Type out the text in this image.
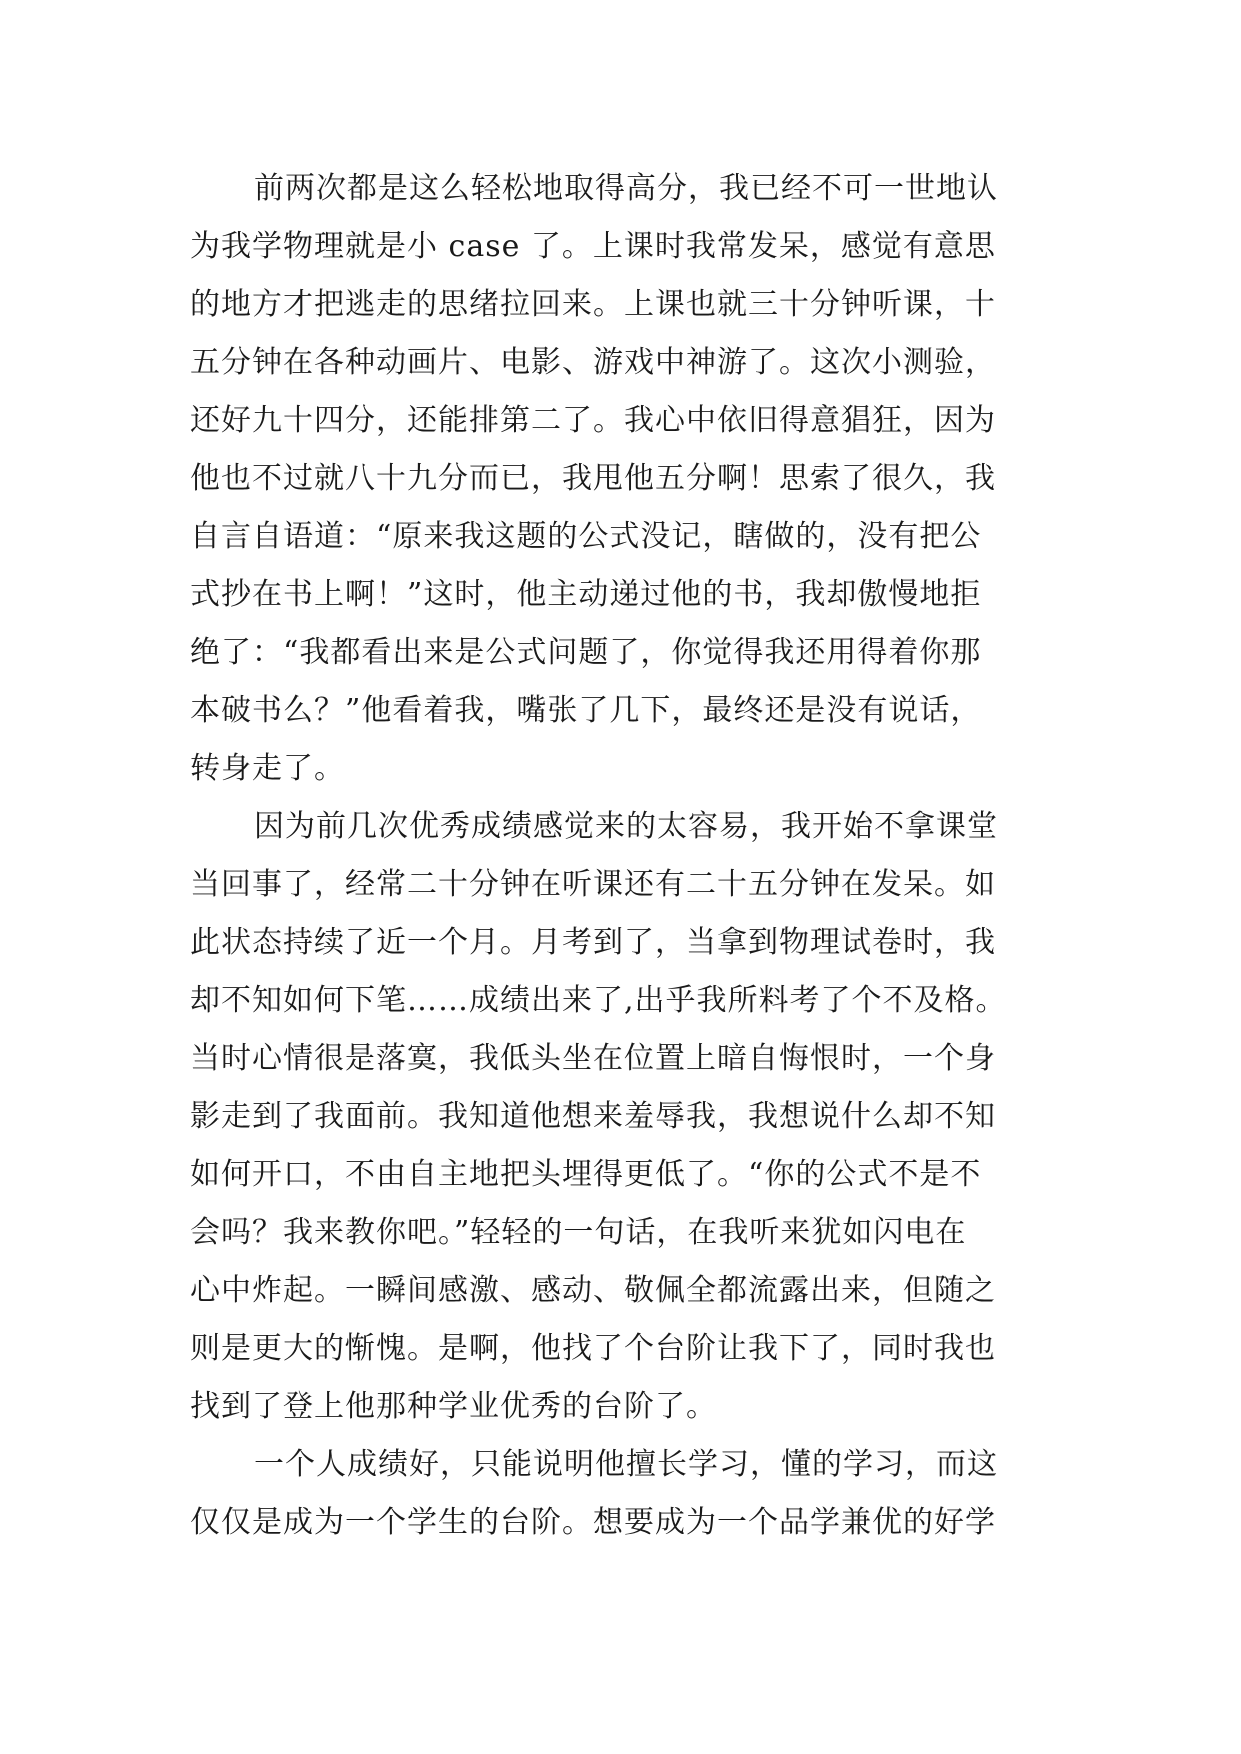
前两次都是这么轻松地取得高分，我已经不可一世地认
为我学物理就是小 case 了。上课时我常发呆，感觉有意思
的地方才把逃走的思绪拉回来。上课也就三十分钟听课，十
五分钟在各种动画片、电影、游戏中神游了。这次小测验，
还好九十四分，还能排第二了。我心中依旧得意猖狂，因为
他也不过就八十九分而已，我甩他五分啊！思索了很久，我
自言自语道：“原来我这题的公式没记，瞎做的，没有把公
式抄在书上啊！”这时，他主动递过他的书，我却傲慢地拒
绝了：“我都看出来是公式问题了，你觉得我还用得着你那
本破书么？”他看着我，嘴张了几下，最终还是没有说话，
转身走了。
因为前几次优秀成绩感觉来的太容易，我开始不拿课堂
当回事了，经常二十分钟在听课还有二十五分钟在发呆。如
此状态持续了近一个月。月考到了，当拿到物理试卷时，我
却不知如何下笔……成绩出来了,出乎我所料考了个不及格。
当时心情很是落寞，我低头坐在位置上暗自悔恨时，一个身
影走到了我面前。我知道他想来羞辱我，我想说什么却不知
如何开口，不由自主地把头埋得更低了。“你的公式不是不
会吗？我来教你吧。”轻轻的一句话，在我听来犹如闪电在
心中炸起。一瞬间感激、感动、敬佩全都流露出来，但随之
则是更大的惭愧。是啊，他找了个台阶让我下了，同时我也
找到了登上他那种学业优秀的台阶了。
一个人成绩好，只能说明他擅长学习，懂的学习，而这
仅仅是成为一个学生的台阶。想要成为一个品学兼优的好学
